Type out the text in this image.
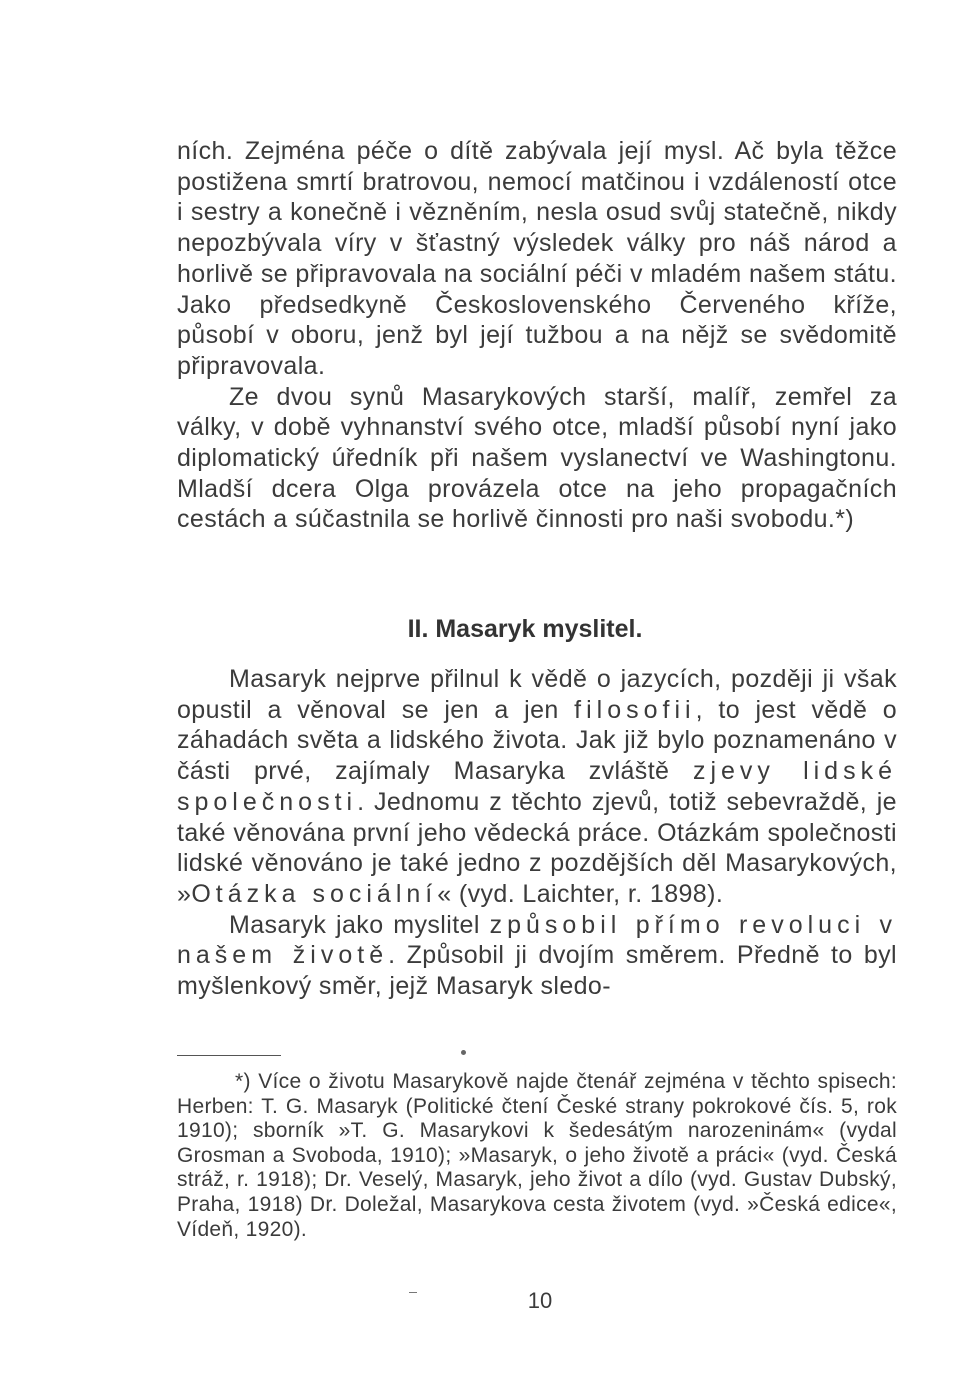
ních. Zejména péče o dítě zabývala její mysl. Ač byla těžce postižena smrtí bratrovou, nemocí matčinou i vzdáleností otce i sestry a konečně i vězněním, nesla osud svůj statečně, nikdy nepozbývala víry v šťastný výsledek války pro náš národ a horlivě se připravovala na sociální péči v mladém našem státu. Jako předsedkyně Československého Červeného kříže, působí v oboru, jenž byl její tužbou a na nějž se svědomitě připravovala.

Ze dvou synů Masarykových starší, malíř, zemřel za války, v době vyhnanství svého otce, mladší působí nyní jako diplomatický úředník při našem vyslanectví ve Washingtonu. Mladší dcera Olga provázela otce na jeho propagačních cestách a súčastnila se horlivě činnosti pro naši svobodu.*)

II. Masaryk myslitel.

Masaryk nejprve přilnul k vědě o jazycích, později ji však opustil a věnoval se jen a jen filosofii, to jest vědě o záhadách světa a lidského života. Jak již bylo poznamenáno v části prvé, zajímaly Masaryka zvláště zjevy lidské společnosti. Jednomu z těchto zjevů, totiž sebevraždě, je také věnována první jeho vědecká práce. Otázkám společnosti lidské věnováno je také jedno z pozdějších děl Masarykových, »Otázka sociální« (vyd. Laichter, r. 1898).

Masaryk jako myslitel způsobil přímo revoluci v našem životě. Způsobil ji dvojím směrem. Předně to byl myšlenkový směr, jejž Masaryk sledo-

*) Více o životu Masarykově najde čtenář zejména v těchto spisech: Herben: T. G. Masaryk (Politické čtení České strany pokrokové čís. 5, rok 1910); sborník »T. G. Masarykovi k šedesátým narozeninám« (vydal Grosman a Svoboda, 1910); »Masaryk, o jeho životě a práci« (vyd. Česká stráž, r. 1918); Dr. Veselý, Masaryk, jeho život a dílo (vyd. Gustav Dubský, Praha, 1918) Dr. Doležal, Masarykova cesta životem (vyd. »Česká edice«, Vídeň, 1920).
10
